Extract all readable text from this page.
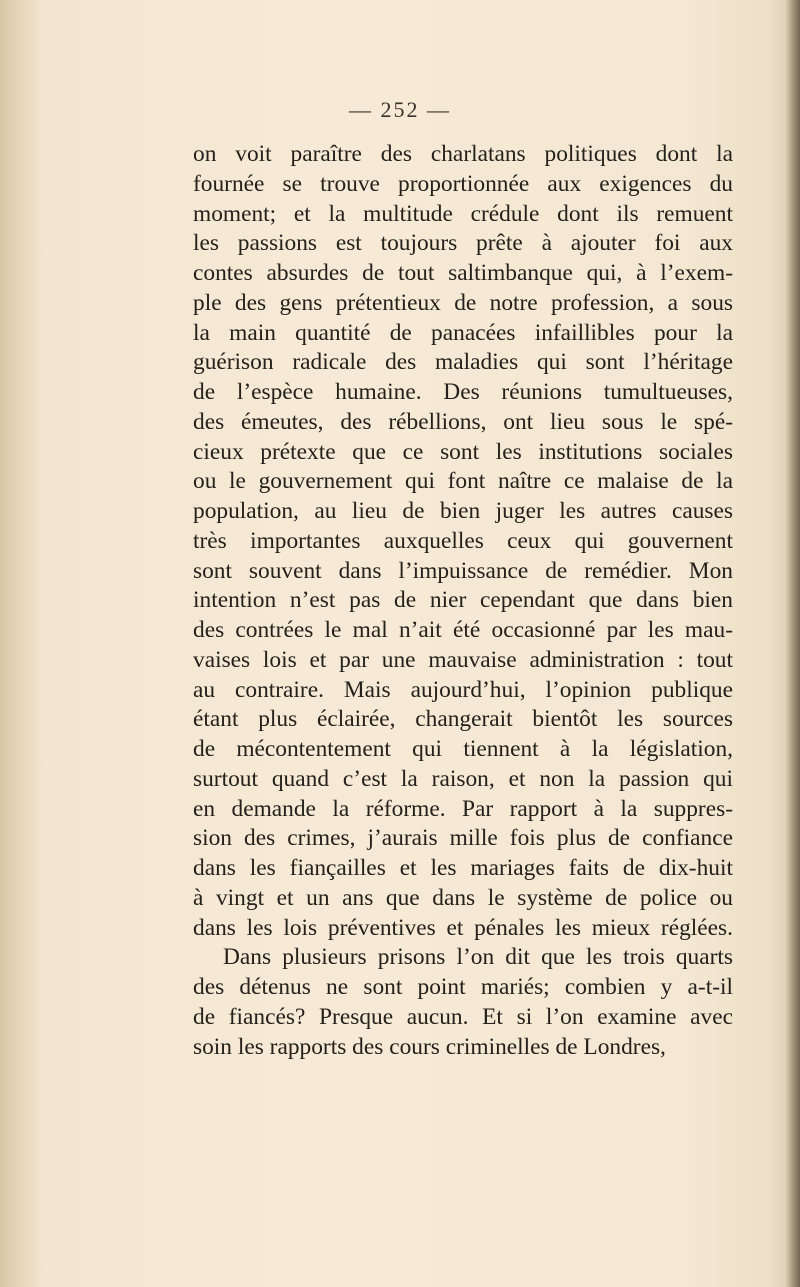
— 252 —
on voit paraître des charlatans politiques dont la
fournée se trouve proportionnée aux exigences du
moment; et la multitude crédule dont ils remuent
les passions est toujours prête à ajouter foi aux
contes absurdes de tout saltimbanque qui, à l’exem-
ple des gens prétentieux de notre profession, a sous
la main quantité de panacées infaillibles pour la
guérison radicale des maladies qui sont l’héritage
de l’espèce humaine. Des réunions tumultueuses,
des émeutes, des rébellions, ont lieu sous le spé-
cieux prétexte que ce sont les institutions sociales
ou le gouvernement qui font naître ce malaise de la
population, au lieu de bien juger les autres causes
très importantes auxquelles ceux qui gouvernent
sont souvent dans l’impuissance de remédier. Mon
intention n’est pas de nier cependant que dans bien
des contrées le mal n’ait été occasionné par les mau-
vaises lois et par une mauvaise administration : tout
au contraire. Mais aujourd’hui, l’opinion publique
étant plus éclairée, changerait bientôt les sources
de mécontentement qui tiennent à la législation,
surtout quand c’est la raison, et non la passion qui
en demande la réforme. Par rapport à la suppres-
sion des crimes, j’aurais mille fois plus de confiance
dans les fiançailles et les mariages faits de dix-huit
à vingt et un ans que dans le système de police ou
dans les lois préventives et pénales les mieux réglées.
Dans plusieurs prisons l’on dit que les trois quarts
des détenus ne sont point mariés; combien y a-t-il
de fiancés? Presque aucun. Et si l’on examine avec
soin les rapports des cours criminelles de Londres,
